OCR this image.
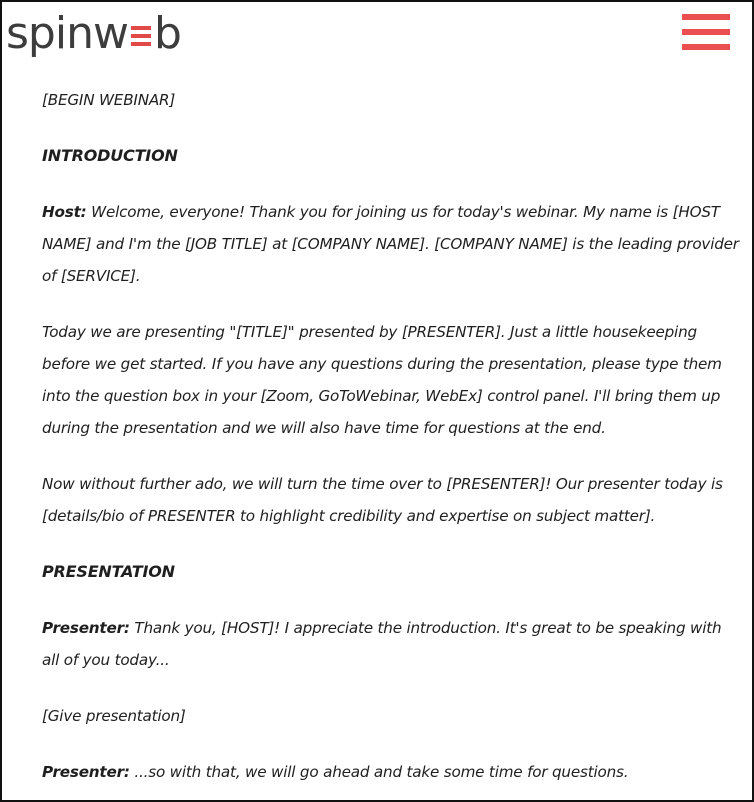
spinw b

[BEGIN WEBINAR]

INTRODUCTION

Host: Welcome, everyone! Thank you for joining us for today's webinar. My name is [HOST NAME] and I'm the [JOB TITLE] at [COMPANY NAME]. [COMPANY NAME] is the leading provider of [SERVICE].

Today we are presenting "[TITLE]" presented by [PRESENTER]. Just a little housekeeping before we get started. If you have any questions during the presentation, please type them into the question box in your [Zoom, GoToWebinar, WebEx] control panel. I'll bring them up during the presentation and we will also have time for questions at the end.

Now without further ado, we will turn the time over to [PRESENTER]! Our presenter today is [details/bio of PRESENTER to highlight credibility and expertise on subject matter].

PRESENTATION

Presenter: Thank you, [HOST]! I appreciate the introduction. It's great to be speaking with all of you today...

[Give presentation]

Presenter: ...so with that, we will go ahead and take some time for questions.
